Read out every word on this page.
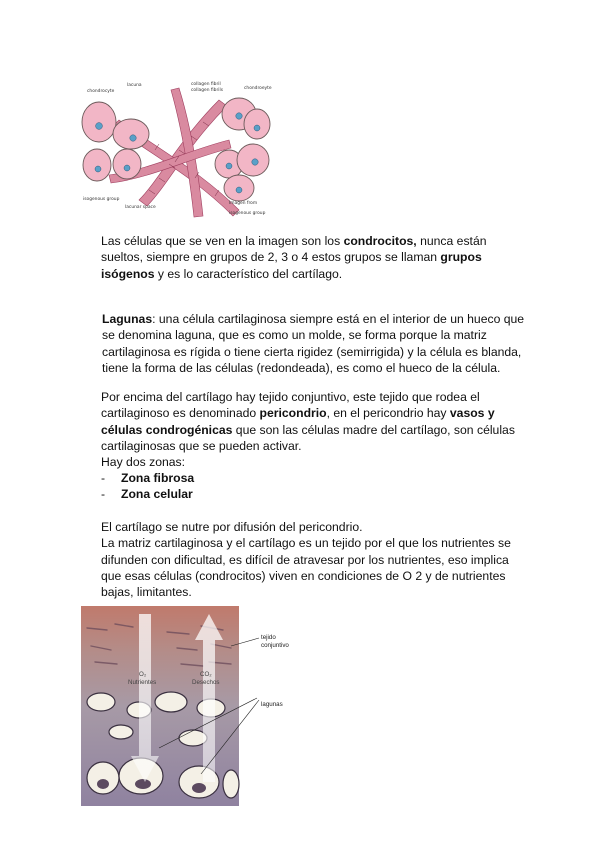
chondrocyte
lacuna	collagen fibril
collagen fibrils	chondroeyte
isogenous group
lacunar space
Imagen from
isogenous group

Las células que se ven en la imagen son los condrocitos, nunca están sueltos, siempre en grupos de 2, 3 o 4 estos grupos se llaman grupos isógenos y es lo característico del cartílago.

Lagunas: una célula cartilaginosa siempre está en el interior de un hueco que se denomina laguna, que es como un molde, se forma porque la matriz cartilaginosa es rígida o tiene cierta rigidez (semirrigida) y la célula es blanda, tiene la forma de las células (redondeada), es como el hueco de la célula.

Por encima del cartílago hay tejido conjuntivo, este tejido que rodea el cartilaginoso es denominado pericondrio, en el pericondrio hay vasos y células condrogénicas que son las células madre del cartílago, son células cartilaginosas que se pueden activar.
Hay dos zonas:

-	Zona fibrosa
-	Zona celular

El cartílago se nutre por difusión del pericondrio.
La matriz cartilaginosa y el cartílago es un tejido por el que los nutrientes se difunden con dificultad, es difícil de atravesar por los nutrientes, eso implica que esas células (condrocitos) viven en condiciones de O 2 y de nutrientes bajas, limitantes.

O₂
Nutrientes
CO₂
Desechos
tejido
conjuntivo
lagunas
